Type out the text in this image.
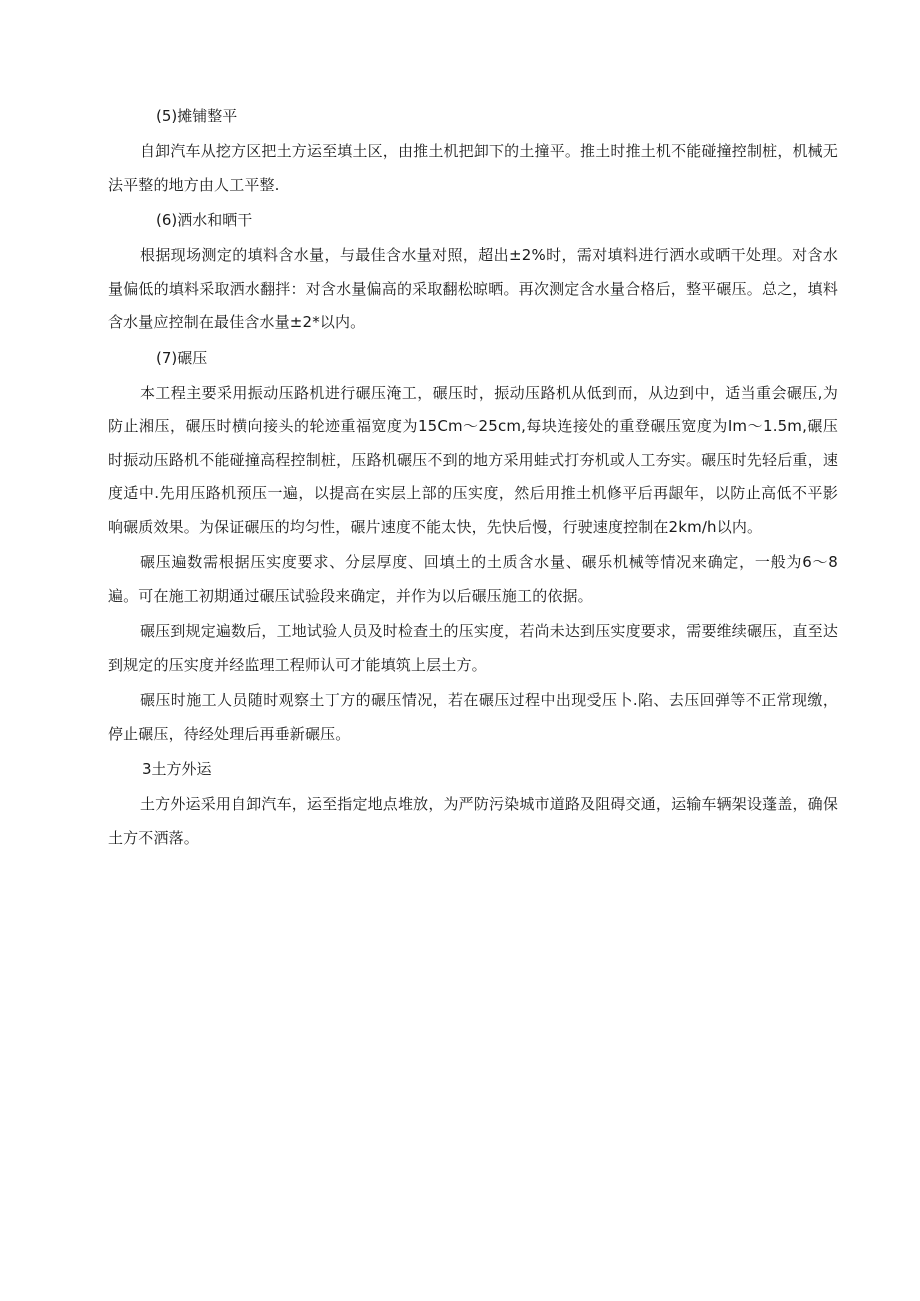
(5)摊铺整平

自卸汽车从挖方区把土方运至填土区，由推土机把卸下的土撞平。推土时推土机不能碰撞控制桩，机械无法平整的地方由人工平整.

(6)洒水和晒干

根据现场测定的填料含水量，与最佳含水量对照，超出±2%时，需对填料进行洒水或晒干处理。对含水量偏低的填料采取洒水翻拌：对含水量偏高的采取翻松晾晒。再次测定含水量合格后，整平碾压。总之，填料含水量应控制在最佳含水量±2*以内。

(7)碾压

本工程主要采用振动压路机进行碾压淹工，碾压时，振动压路机从低到而，从边到中，适当重会碾压,为防止湘压，碾压时横向接头的轮迹重福宽度为15Cm～25cm,每块连接处的重登碾压宽度为Im～1.5m,碾压时振动压路机不能碰撞高程控制桩，压路机碾压不到的地方采用蛙式打夯机或人工夯实。碾压时先轻后重，速度适中.先用压路机预压一遍，以提高在实层上部的压实度，然后用推土机修平后再龈年，以防止高低不平影响碾质效果。为保证碾压的均匀性，碾片速度不能太快，先快后慢，行驶速度控制在2km∕h以内。

碾压遍数需根据压实度要求、分层厚度、回填土的土质含水量、碾乐机械等情况来确定，一般为6～8遍。可在施工初期通过碾压试验段来确定，并作为以后碾压施工的依据。

碾压到规定遍数后，工地试验人员及时检查土的压实度，若尚未达到压实度要求，需要维续碾压，直至达到规定的压实度并经监理工程师认可才能填筑上层土方。

碾压时施工人员随时观察土丁方的碾压情况，若在碾压过程中出现受压卜.陷、去压回弹等不正常现缴，停止碾压，待经处理后再垂新碾压。

3土方外运

土方外运采用自卸汽车，运至指定地点堆放，为严防污染城市道路及阻碍交通，运输车辆架设蓬盖，确保土方不洒落。
